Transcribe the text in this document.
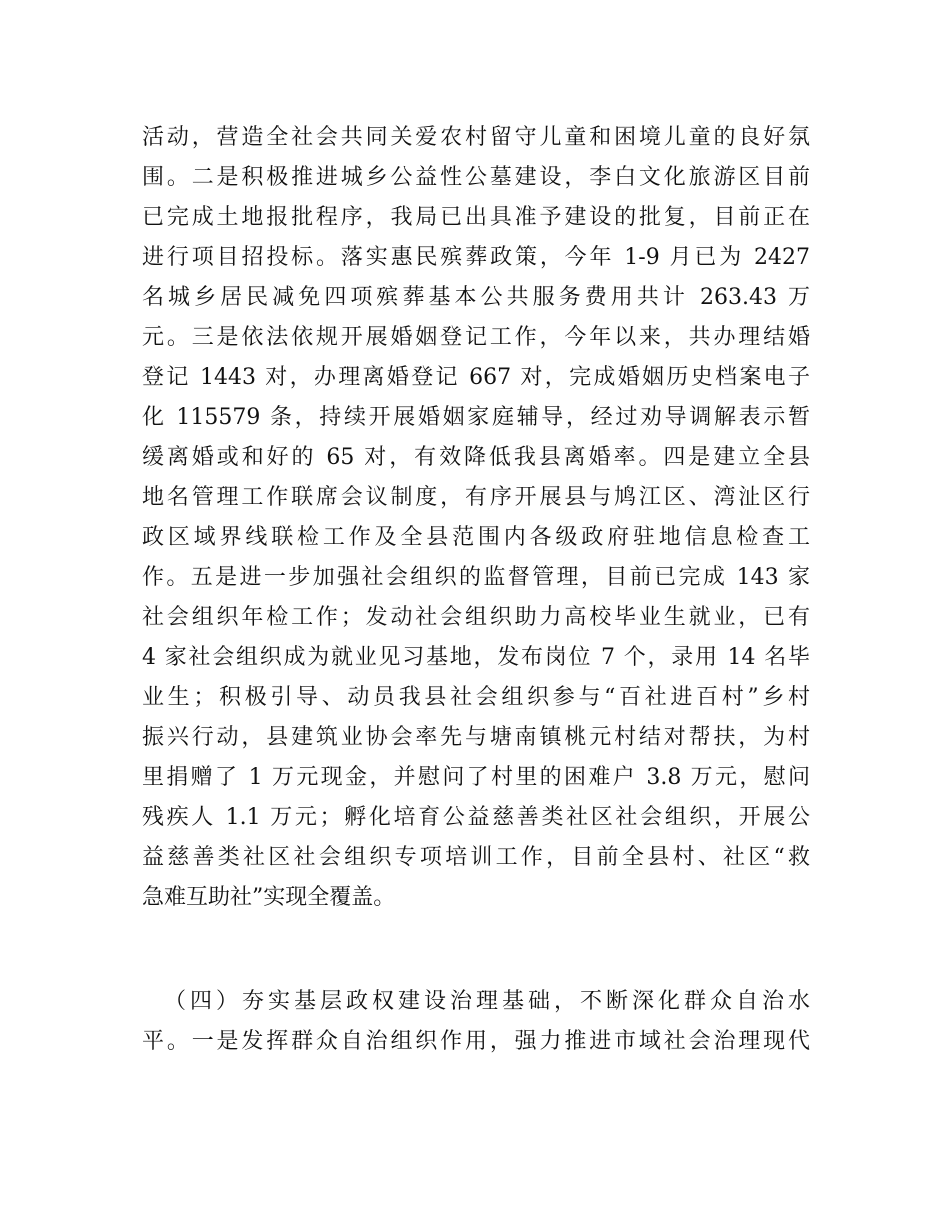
活动，营造全社会共同关爱农村留守儿童和困境儿童的良好氛
围。二是积极推进城乡公益性公墓建设，李白文化旅游区目前
已完成土地报批程序，我局已出具准予建设的批复，目前正在
进行项目招投标。落实惠民殡葬政策，今年 1-9 月已为 2427
名城乡居民减免四项殡葬基本公共服务费用共计 263.43 万
元。三是依法依规开展婚姻登记工作，今年以来，共办理结婚
登记 1443 对，办理离婚登记 667 对，完成婚姻历史档案电子
化 115579 条，持续开展婚姻家庭辅导，经过劝导调解表示暂
缓离婚或和好的 65 对，有效降低我县离婚率。四是建立全县
地名管理工作联席会议制度，有序开展县与鸠江区、湾沚区行
政区域界线联检工作及全县范围内各级政府驻地信息检查工
作。五是进一步加强社会组织的监督管理，目前已完成 143 家
社会组织年检工作；发动社会组织助力高校毕业生就业，已有
4 家社会组织成为就业见习基地，发布岗位 7 个，录用 14 名毕
业生；积极引导、动员我县社会组织参与“百社进百村”乡村
振兴行动，县建筑业协会率先与塘南镇桃元村结对帮扶，为村
里捐赠了 1 万元现金，并慰问了村里的困难户 3.8 万元，慰问
残疾人 1.1 万元；孵化培育公益慈善类社区社会组织，开展公
益慈善类社区社会组织专项培训工作，目前全县村、社区“救
急难互助社”实现全覆盖。
（四）夯实基层政权建设治理基础，不断深化群众自治水
平。一是发挥群众自治组织作用，强力推进市域社会治理现代
